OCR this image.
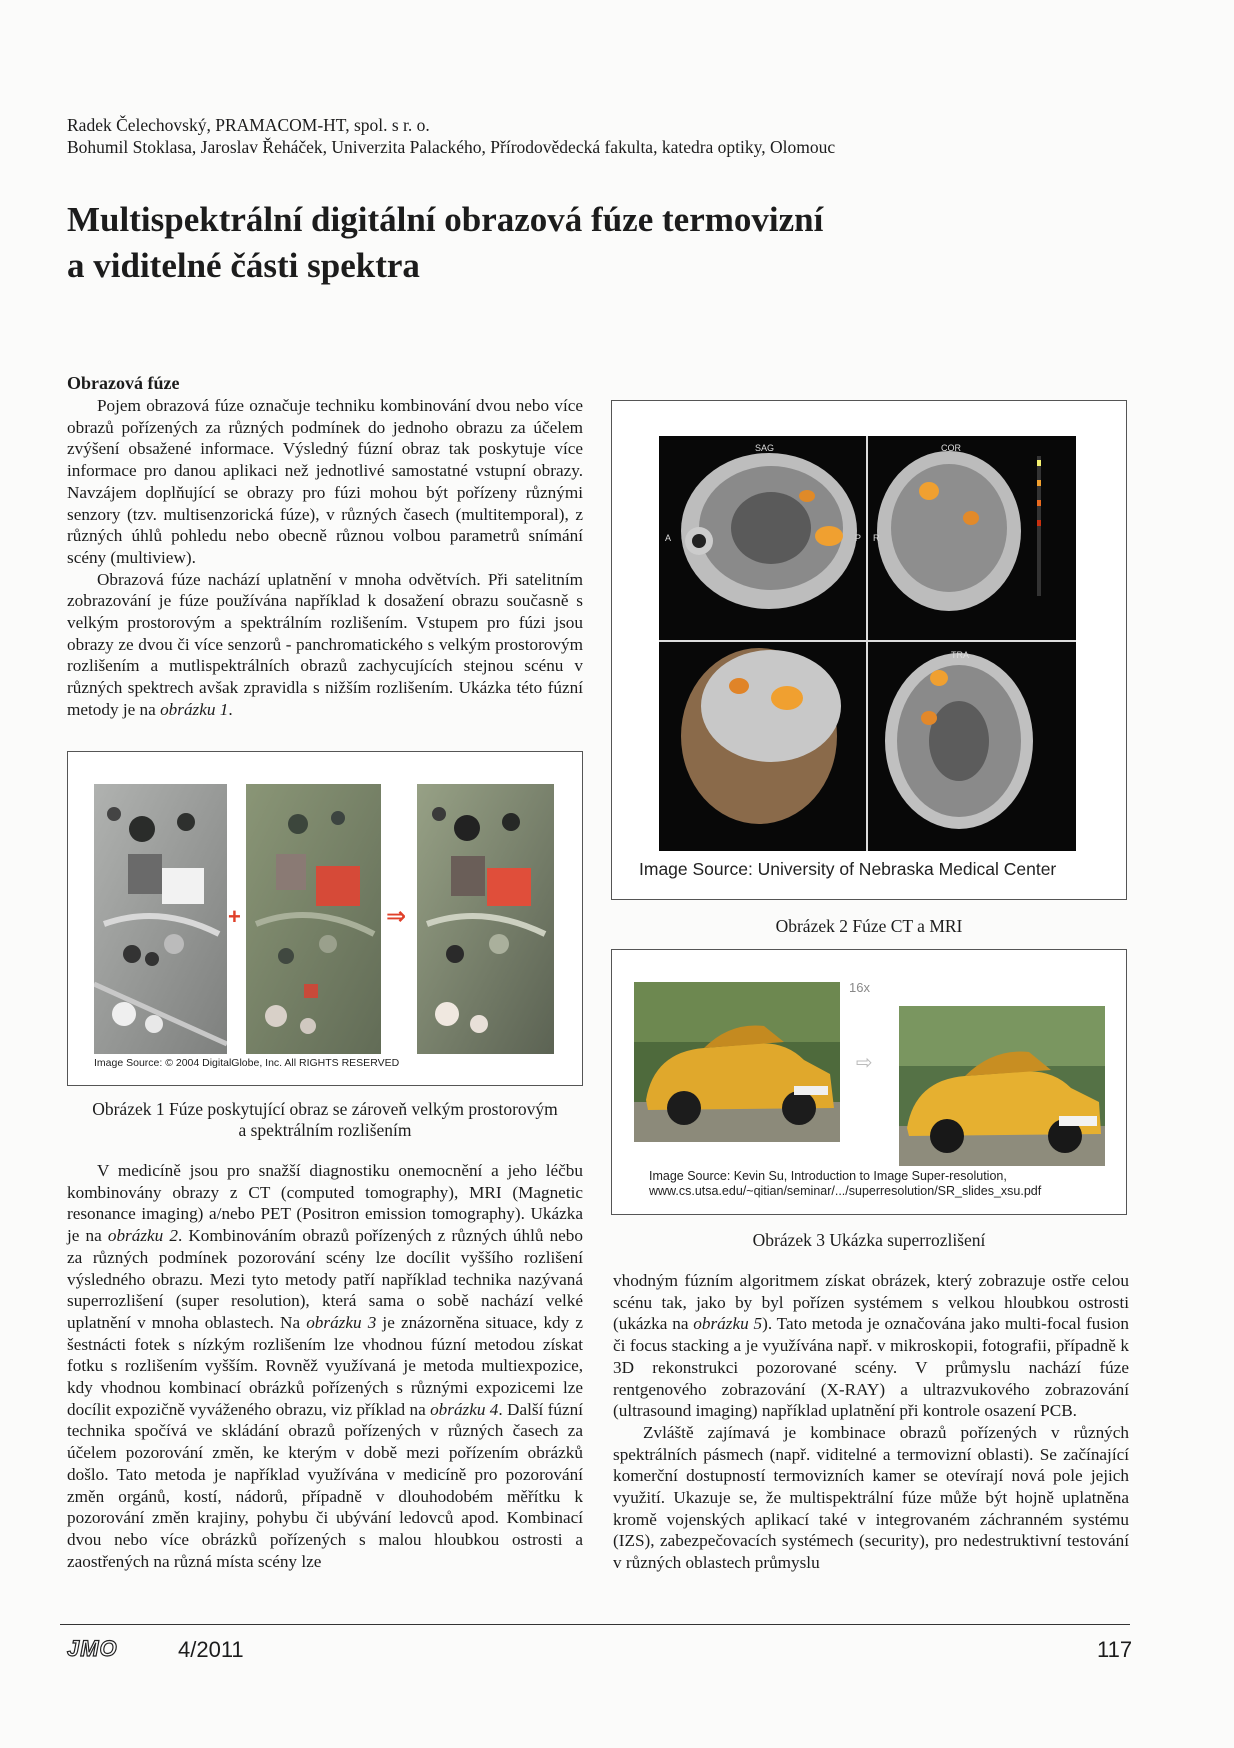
Radek Čelechovský, PRAMACOM-HT, spol. s r. o.
Bohumil Stoklasa, Jaroslav Řeháček, Univerzita Palackého, Přírodovědecká fakulta, katedra optiky, Olomouc
Multispektrální digitální obrazová fúze termovizní
a viditelné části spektra
Obrazová fúze

Pojem obrazová fúze označuje techniku kombinování dvou nebo více obrazů pořízených za různých podmínek do jednoho obrazu za účelem zvýšení obsažené informace. Výsledný fúzní obraz tak poskytuje více informace pro danou aplikaci než jednotlivé samostatné vstupní obrazy. Navzájem doplňující se obrazy pro fúzi mohou být pořízeny různými senzory (tzv. multisenzorická fúze), v různých časech (multitemporal), z různých úhlů pohledu nebo obecně různou volbou parametrů snímání scény (multiview).

Obrazová fúze nachází uplatnění v mnoha odvětvích. Při satelitním zobrazování je fúze používána například k dosažení obrazu současně s velkým prostorovým a spektrálním rozlišením. Vstupem pro fúzi jsou obrazy ze dvou či více senzorů - panchromatického s velkým prostorovým rozlišením a mutlispektrálních obrazů zachycujících stejnou scénu v různých spektrech avšak zpravidla s nižším rozlišením. Ukázka této fúzní metody je na obrázku 1.

+	⇒
Image Source: © 2004 DigitalGlobe, Inc. All RIGHTS RESERVED
Obrázek 1 Fúze poskytující obraz se zároveň velkým prostorovým
a spektrálním rozlišením

V medicíně jsou pro snažší diagnostiku onemocnění a jeho léčbu kombinovány obrazy z CT (computed tomography), MRI (Magnetic resonance imaging) a/nebo PET (Positron emission tomography). Ukázka je na obrázku 2. Kombinováním obrazů pořízených z různých úhlů nebo za různých podmínek pozorování scény lze docílit vyššího rozlišení výsledného obrazu. Mezi tyto metody patří například technika nazývaná superrozlišení (super resolution), která sama o sobě nachází velké uplatnění v mnoha oblastech. Na obrázku 3 je znázorněna situace, kdy z šestnácti fotek s nízkým rozlišením lze vhodnou fúzní metodou získat fotku s rozlišením vyšším. Rovněž využívaná je metoda multiexpozice, kdy vhodnou kombinací obrázků pořízených s různými expozicemi lze docílit expozičně vyváženého obrazu, viz příklad na obrázku 4. Další fúzní technika spočívá ve skládání obrazů pořízených v různých časech za účelem pozorování změn, ke kterým v době mezi pořízením obrázků došlo. Tato metoda je například využívána v medicíně pro pozorování změn orgánů, kostí, nádorů, případně v dlouhodobém měřítku k pozorování změn krajiny, pohybu či ubývání ledovců apod. Kombinací dvou nebo více obrázků pořízených s malou hloubkou ostrosti a zaostřených na různá místa scény lze

SAG	COR
TRA
A	P R
Image Source: University of Nebraska Medical Center
Obrázek 2 Fúze CT a MRI
16x
⇨
Image Source: Kevin Su, Introduction to Image Super-resolution,
www.cs.utsa.edu/~qitian/seminar/.../superresolution/SR_slides_xsu.pdf
Obrázek 3 Ukázka superrozlišení

vhodným fúzním algoritmem získat obrázek, který zobrazuje ostře celou scénu tak, jako by byl pořízen systémem s velkou hloubkou ostrosti (ukázka na obrázku 5). Tato metoda je označována jako multi-focal fusion či focus stacking a je využívána např. v mikroskopii, fotografii, případně k 3D rekonstrukci pozorované scény. V průmyslu nachází fúze rentgenového zobrazování (X-RAY) a ultrazvukového zobrazování (ultrasound imaging) například uplatnění při kontrole osazení PCB.

Zvláště zajímavá je kombinace obrazů pořízených v různých spektrálních pásmech (např. viditelné a termovizní oblasti). Se začínající komerční dostupností termovizních kamer se otevírají nová pole jejich využití. Ukazuje se, že multispektrální fúze může být hojně uplatněna kromě vojenských aplikací také v integrovaném záchranném systému (IZS), zabezpečovacích systémech (security), pro nedestruktivní testování v různých oblastech průmyslu

JMO	4/2011	117
